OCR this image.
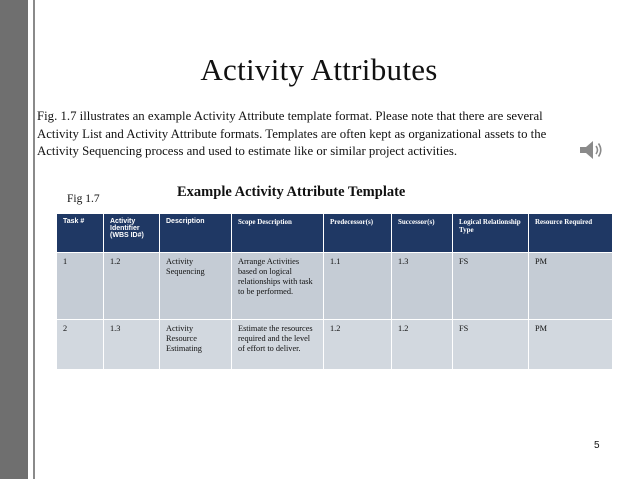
Activity Attributes
Fig. 1.7 illustrates an example Activity Attribute template format. Please note that there are several Activity List and Activity Attribute formats. Templates are often kept as organizational assets to the Activity Sequencing process and used to estimate like or similar project activities.
Fig 1.7	Example Activity Attribute Template
Task #	Activity Identifier (WBS ID#)	Description	Scope Description	Predecessor(s)	Successor(s)	Logical Relationship Type	Resource Required
1	1.2	Activity Sequencing	Arrange Activities based on logical relationships with task to be performed.	1.1	1.3	FS	PM
2	1.3	Activity Resource Estimating	Estimate the resources required and the level of effort to deliver.	1.2	1.2	FS	PM
5
